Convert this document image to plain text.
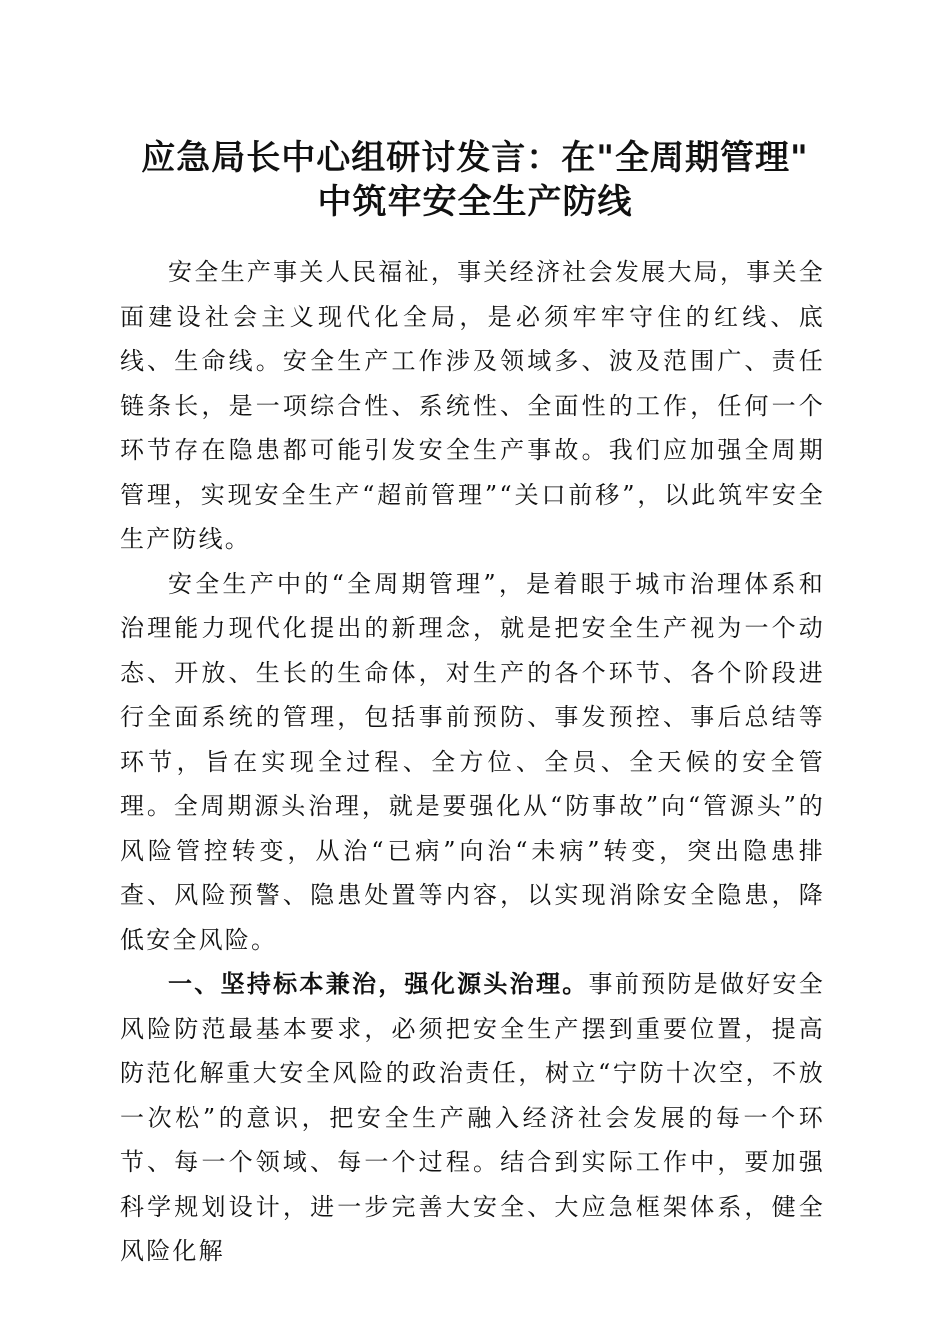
应急局长中心组研讨发言：在"全周期管理"
中筑牢安全生产防线

安全生产事关人民福祉，事关经济社会发展大局，事关全面建设社会主义现代化全局，是必须牢牢守住的红线、底线、生命线。安全生产工作涉及领域多、波及范围广、责任链条长，是一项综合性、系统性、全面性的工作，任何一个环节存在隐患都可能引发安全生产事故。我们应加强全周期管理，实现安全生产“超前管理”“关口前移”，以此筑牢安全生产防线。

安全生产中的“全周期管理”，是着眼于城市治理体系和治理能力现代化提出的新理念，就是把安全生产视为一个动态、开放、生长的生命体，对生产的各个环节、各个阶段进行全面系统的管理，包括事前预防、事发预控、事后总结等环节，旨在实现全过程、全方位、全员、全天候的安全管理。全周期源头治理，就是要强化从“防事故”向“管源头”的风险管控转变，从治“已病”向治“未病”转变，突出隐患排查、风险预警、隐患处置等内容，以实现消除安全隐患，降低安全风险。

一、坚持标本兼治，强化源头治理。事前预防是做好安全风险防范最基本要求，必须把安全生产摆到重要位置，提高防范化解重大安全风险的政治责任，树立“宁防十次空，不放一次松”的意识，把安全生产融入经济社会发展的每一个环节、每一个领域、每一个过程。结合到实际工作中，要加强科学规划设计，进一步完善大安全、大应急框架体系，健全风险化解
